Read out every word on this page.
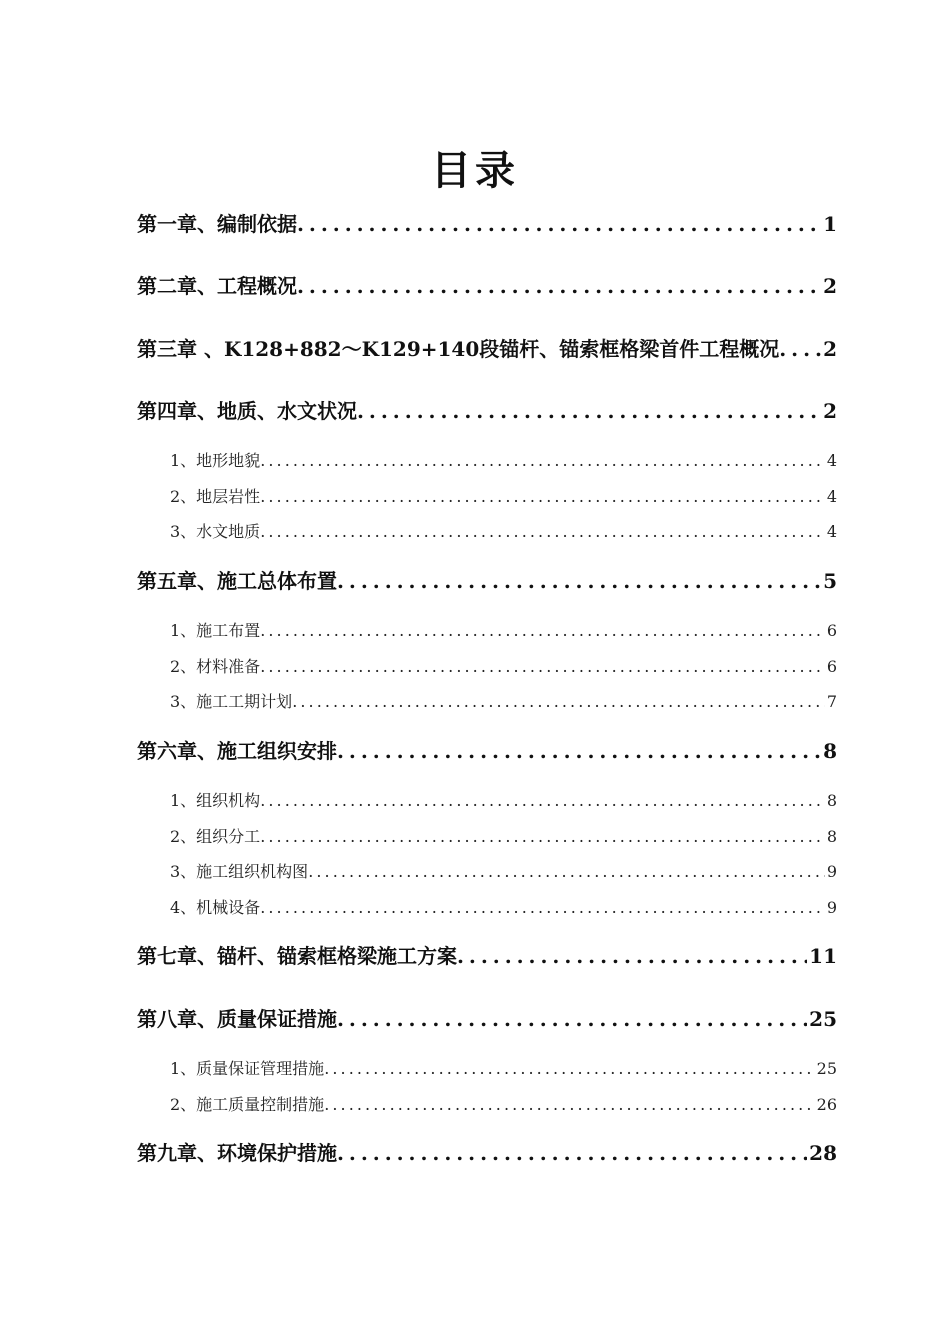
目录
第一章、编制依据 . . .	1
第二章、工程概况 . . .	2
第三章 、K128+882～K129+140段锚杆、锚索框格梁首件工程概况 . . . 2
第四章、地质、水文状况 . . .	2
1、地形地貌 . . .	4
2、地层岩性 . . .	4
3、水文地质 . . .	4
第五章、施工总体布置 . . .	5
1、施工布置 . . .	6
2、材料准备 . . .	6
3、施工工期计划 . . .	7
第六章、施工组织安排 . . .	8
1、组织机构 . . .	8
2、组织分工 . . .	8
3、施工组织机构图 . . .	9
4、机械设备 . . .	9
第七章、锚杆、锚索框格梁施工方案 . . .	11
第八章、质量保证措施 . . .	25
1、质量保证管理措施 . . .	25
2、施工质量控制措施 . . .	26
第九章、环境保护措施 . . .	28
